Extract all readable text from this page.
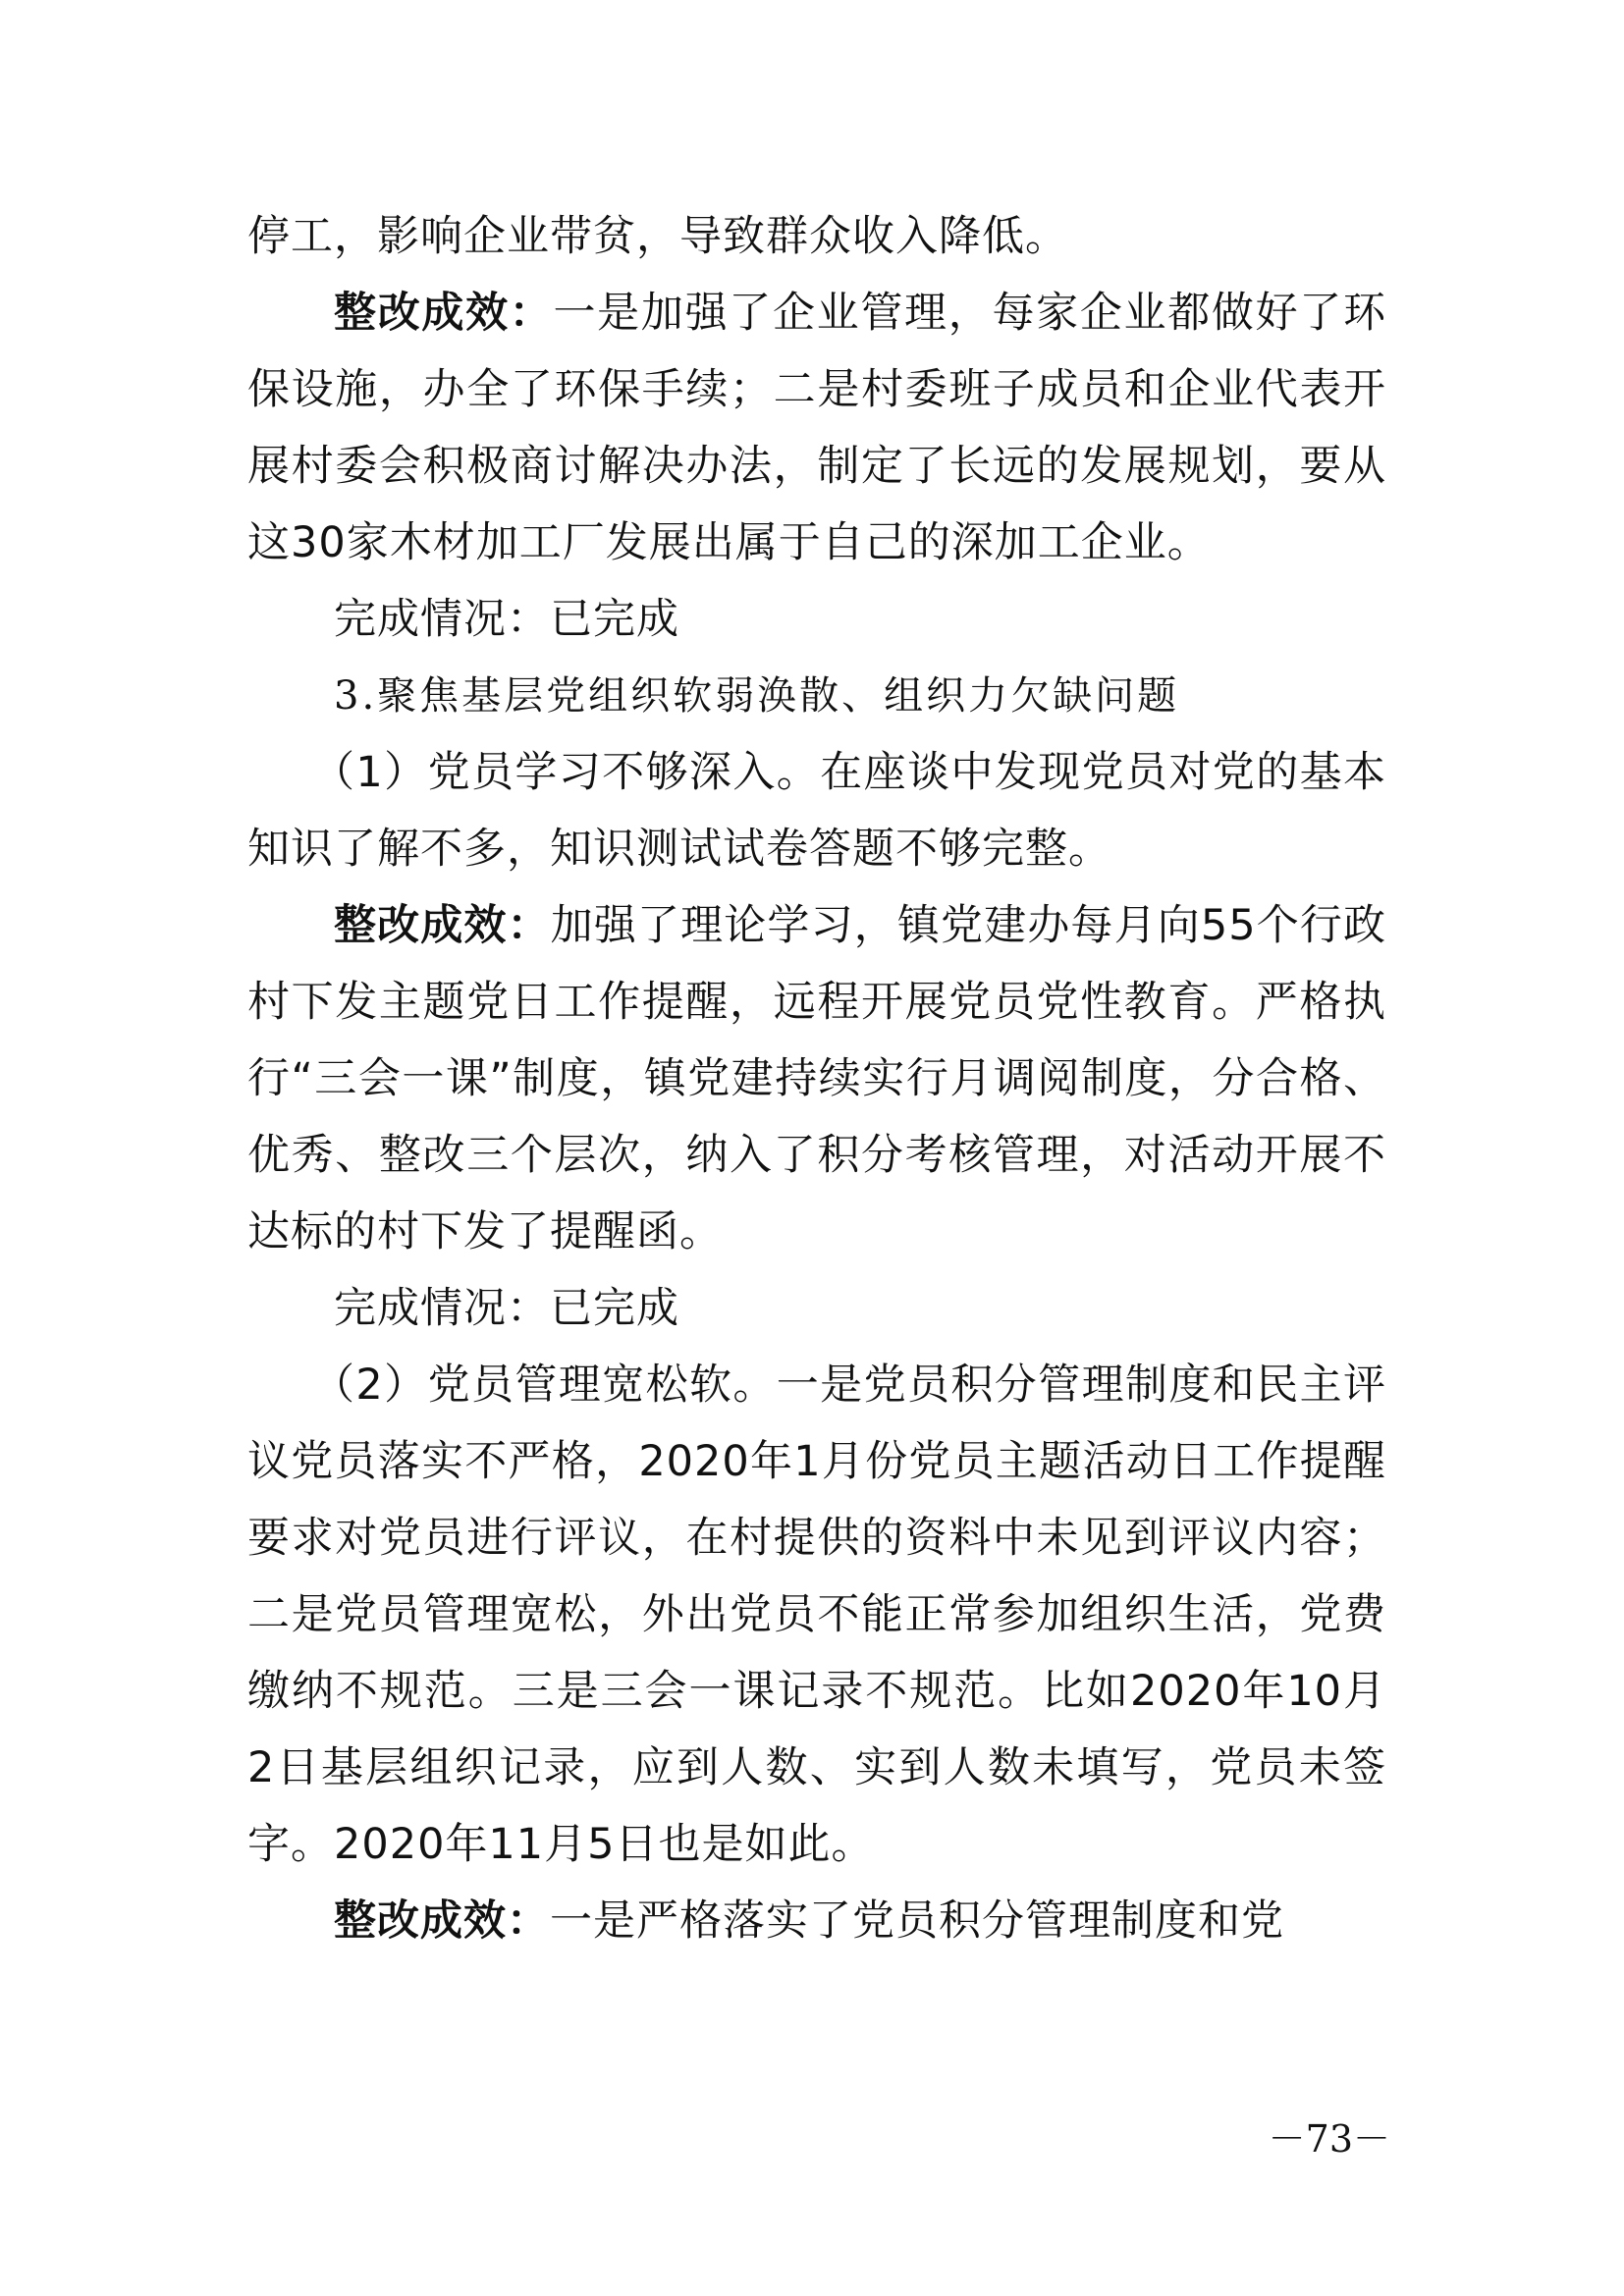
停工，影响企业带贫，导致群众收入降低。

整改成效：一是加强了企业管理，每家企业都做好了环保设施，办全了环保手续；二是村委班子成员和企业代表开展村委会积极商讨解决办法，制定了长远的发展规划，要从这30家木材加工厂发展出属于自己的深加工企业。

完成情况：已完成

3.聚焦基层党组织软弱涣散、组织力欠缺问题

（1）党员学习不够深入。在座谈中发现党员对党的基本知识了解不多，知识测试试卷答题不够完整。

整改成效：加强了理论学习，镇党建办每月向55个行政村下发主题党日工作提醒，远程开展党员党性教育。严格执行“三会一课”制度，镇党建持续实行月调阅制度，分合格、优秀、整改三个层次，纳入了积分考核管理，对活动开展不达标的村下发了提醒函。

完成情况：已完成

（2）党员管理宽松软。一是党员积分管理制度和民主评议党员落实不严格，2020年1月份党员主题活动日工作提醒要求对党员进行评议，在村提供的资料中未见到评议内容；二是党员管理宽松，外出党员不能正常参加组织生活，党费缴纳不规范。三是三会一课记录不规范。比如2020年10月2日基层组织记录，应到人数、实到人数未填写，党员未签字。2020年11月5日也是如此。

整改成效：一是严格落实了党员积分管理制度和党

－73－
